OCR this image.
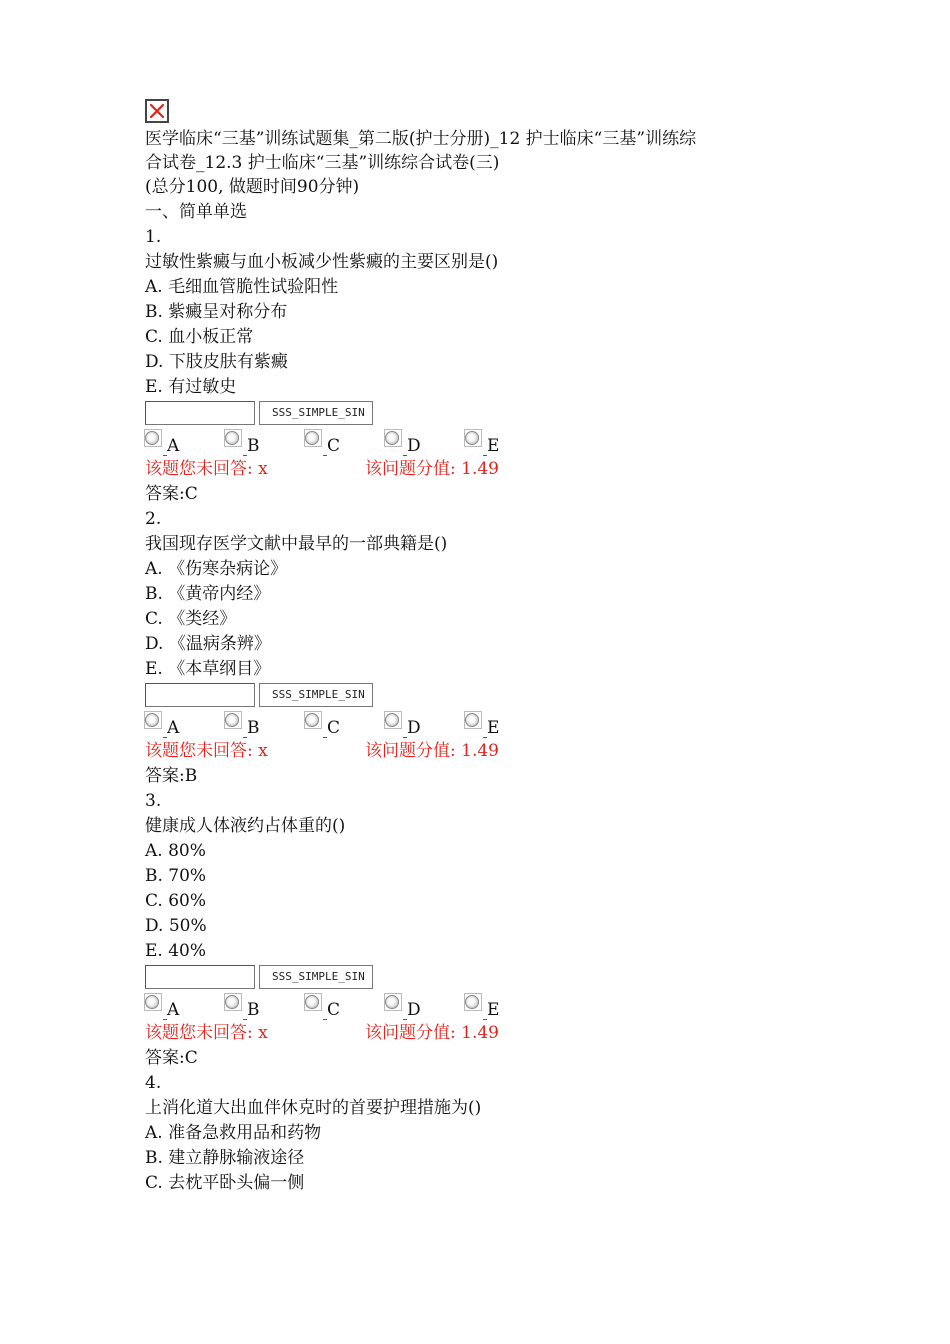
医学临床“三基”训练试题集_第二版(护士分册)_12 护士临床“三基”训练综
合试卷_12.3 护士临床“三基”训练综合试卷(三)
(总分100, 做题时间90分钟)
一、简单单选
1.
过敏性紫癜与血小板减少性紫癜的主要区别是()
A. 毛细血管脆性试验阳性
B. 紫癜呈对称分布
C. 血小板正常
D. 下肢皮肤有紫癜
E. 有过敏史
SSS_SIMPLE_SIN
A	B	C	D	E
该题您未回答: x	该问题分值: 1.49
答案:C
2.
我国现存医学文献中最早的一部典籍是()
A. 《伤寒杂病论》
B. 《黄帝内经》
C. 《类经》
D. 《温病条辨》
E. 《本草纲目》
SSS_SIMPLE_SIN
A	B	C	D	E
该题您未回答: x	该问题分值: 1.49
答案:B
3.
健康成人体液约占体重的()
A. 80%
B. 70%
C. 60%
D. 50%
E. 40%
SSS_SIMPLE_SIN
A	B	C	D	E
该题您未回答: x	该问题分值: 1.49
答案:C
4.
上消化道大出血伴休克时的首要护理措施为()
A. 准备急救用品和药物
B. 建立静脉输液途径
C. 去枕平卧头偏一侧
